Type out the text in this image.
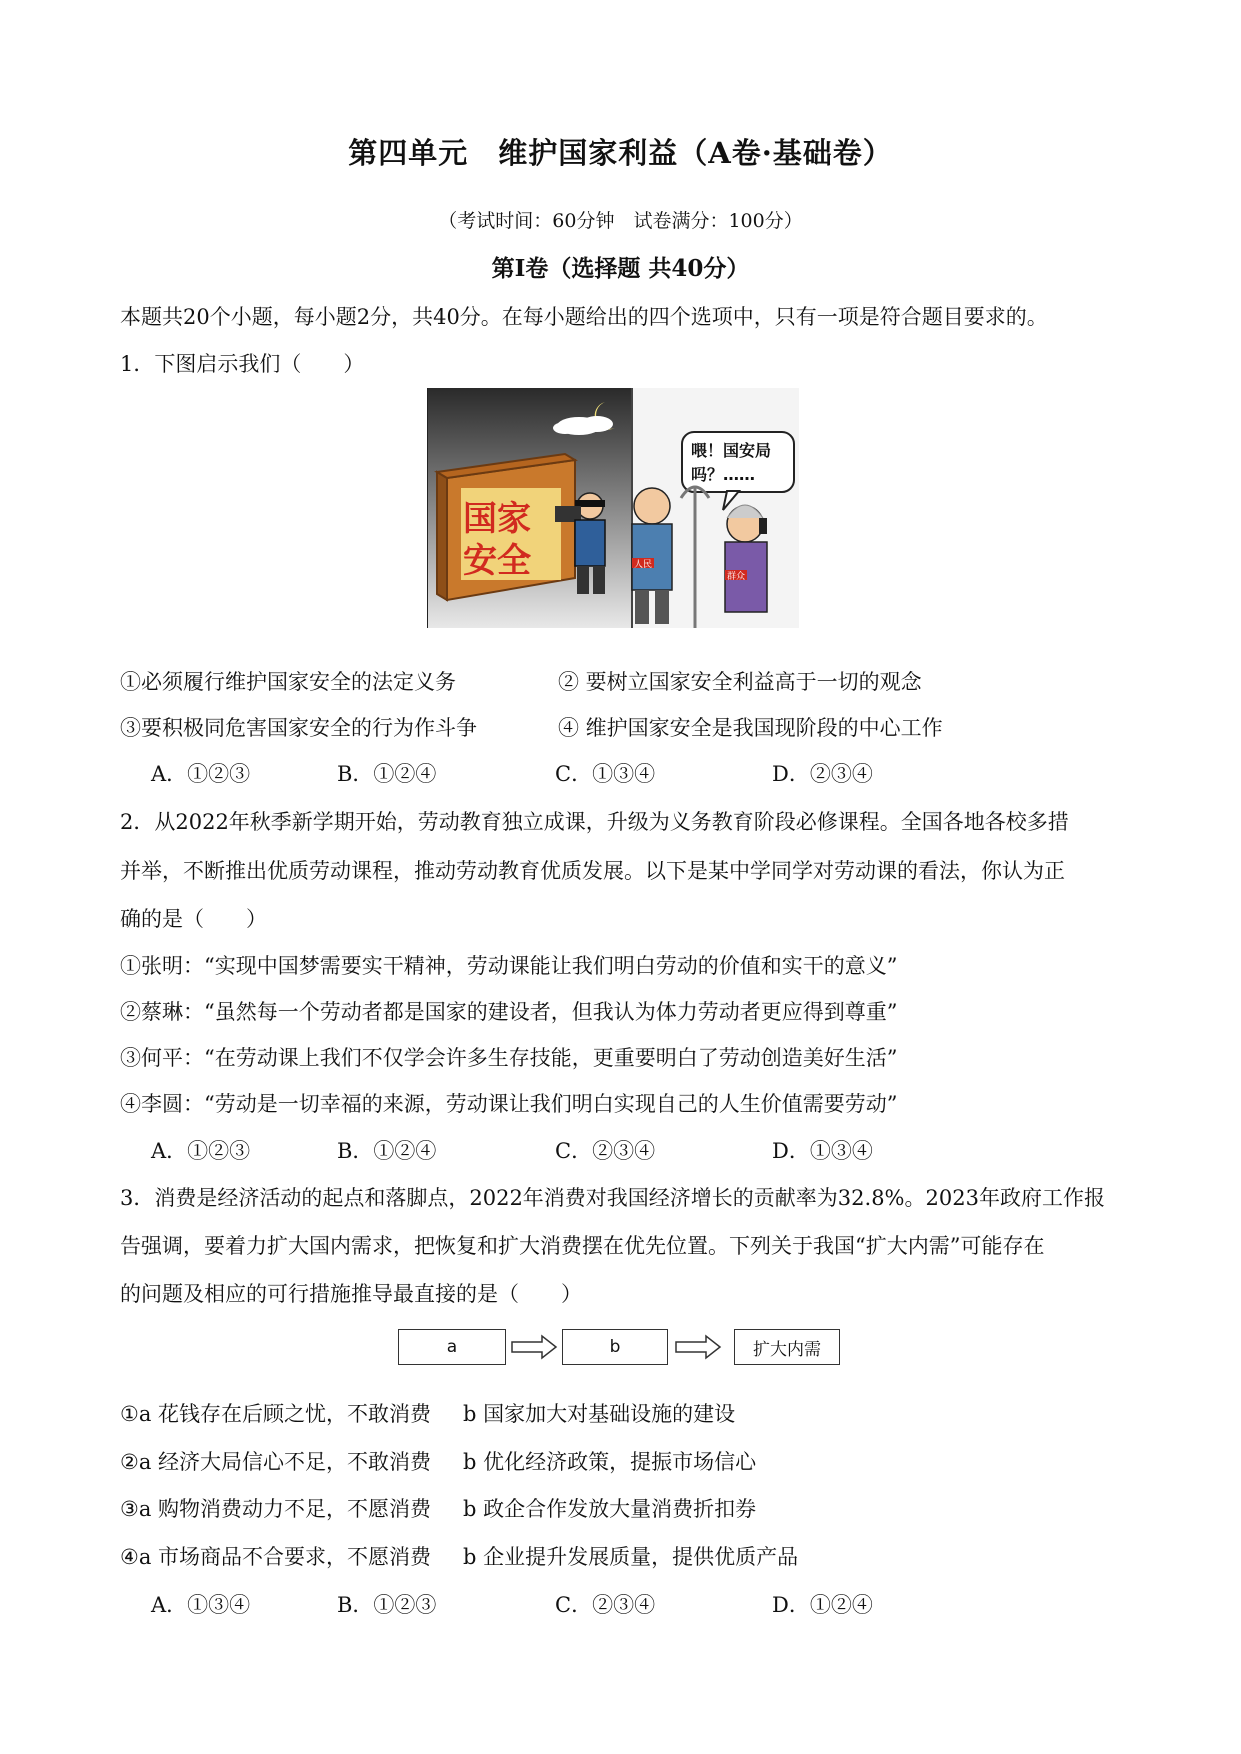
第四单元　维护国家利益（A卷·基础卷）
（考试时间：60分钟　试卷满分：100分）
第Ⅰ卷（选择题 共40分）
本题共20个小题，每小题2分，共40分。在每小题给出的四个选项中，只有一项是符合题目要求的。
1．下图启示我们（　　）
国家
安全
喂！国安局
吗？……
人民
群众
①必须履行维护国家安全的法定义务	② 要树立国家安全利益高于一切的观念
③要积极同危害国家安全的行为作斗争	④ 维护国家安全是我国现阶段的中心工作
A．①②③	B．①②④	C．①③④	D．②③④
2．从2022年秋季新学期开始，劳动教育独立成课，升级为义务教育阶段必修课程。全国各地各校多措
并举，不断推出优质劳动课程，推动劳动教育优质发展。以下是某中学同学对劳动课的看法，你认为正
确的是（　　）
①张明：“实现中国梦需要实干精神，劳动课能让我们明白劳动的价值和实干的意义”
②蔡琳：“虽然每一个劳动者都是国家的建设者，但我认为体力劳动者更应得到尊重”
③何平：“在劳动课上我们不仅学会许多生存技能，更重要明白了劳动创造美好生活”
④李圆：“劳动是一切幸福的来源，劳动课让我们明白实现自己的人生价值需要劳动”
A．①②③	B．①②④	C．②③④	D．①③④
3．消费是经济活动的起点和落脚点，2022年消费对我国经济增长的贡献率为32.8%。2023年政府工作报
告强调，要着力扩大国内需求，把恢复和扩大消费摆在优先位置。下列关于我国“扩大内需”可能存在
的问题及相应的可行措施推导最直接的是（　　）
a	b	扩大内需
①a 花钱存在后顾之忧，不敢消费 b 国家加大对基础设施的建设
②a 经济大局信心不足，不敢消费 b 优化经济政策，提振市场信心
③a 购物消费动力不足，不愿消费 b 政企合作发放大量消费折扣券
④a 市场商品不合要求，不愿消费 b 企业提升发展质量，提供优质产品
A．①③④	B．①②③	C．②③④	D．①②④
